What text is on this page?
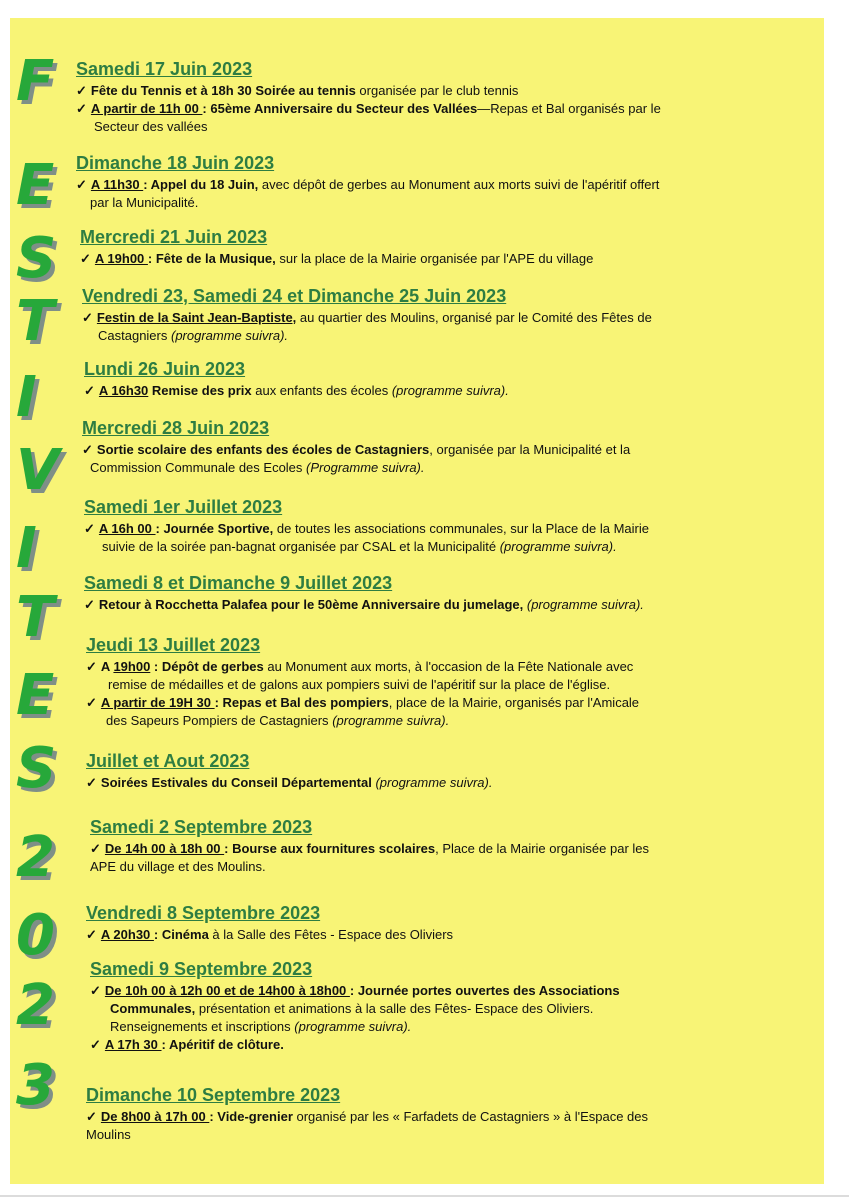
F
E
S
T
I
V
I
T
E
S
2
0
2
3
Samedi 17 Juin 2023
✓ Fête du Tennis et à 18h 30 Soirée au tennis organisée par le club tennis
✓ A partir de 11h 00 : 65ème Anniversaire du Secteur des Vallées—Repas et Bal organisés par le
Secteur des vallées
Dimanche 18 Juin 2023
✓ A 11h30 : Appel du 18 Juin, avec dépôt de gerbes au Monument aux morts suivi de l'apéritif offert
par la Municipalité.
Mercredi 21 Juin 2023
✓ A 19h00 : Fête de la Musique, sur la place de la Mairie organisée par l'APE du village
Vendredi 23, Samedi 24 et Dimanche 25 Juin 2023
✓ Festin de la Saint Jean-Baptiste, au quartier des Moulins, organisé par le Comité des Fêtes de
Castagniers (programme suivra).
Lundi 26 Juin 2023
✓ A 16h30 Remise des prix aux enfants des écoles (programme suivra).
Mercredi 28 Juin 2023
✓ Sortie scolaire des enfants des écoles de Castagniers, organisée par la Municipalité et la
Commission Communale des Ecoles (Programme suivra).
Samedi 1er Juillet 2023
✓ A 16h 00 : Journée Sportive, de toutes les associations communales, sur la Place de la Mairie
suivie de la soirée pan-bagnat organisée par CSAL et la Municipalité (programme suivra).
Samedi 8 et Dimanche 9 Juillet 2023
✓ Retour à Rocchetta Palafea pour le 50ème Anniversaire du jumelage, (programme suivra).
Jeudi 13 Juillet 2023
✓ A 19h00 : Dépôt de gerbes au Monument aux morts, à l'occasion de la Fête Nationale avec
remise de médailles et de galons aux pompiers suivi de l'apéritif sur la place de l'église.
✓ A partir de 19H 30 : Repas et Bal des pompiers, place de la Mairie, organisés par l'Amicale
des Sapeurs Pompiers de Castagniers (programme suivra).
Juillet et Aout 2023
✓ Soirées Estivales du Conseil Départemental (programme suivra).
Samedi 2 Septembre 2023
✓ De 14h 00 à 18h 00 : Bourse aux fournitures scolaires, Place de la Mairie organisée par les
APE du village et des Moulins.
Vendredi 8 Septembre 2023
✓ A 20h30 : Cinéma à la Salle des Fêtes - Espace des Oliviers
Samedi 9 Septembre 2023
✓ De 10h 00 à 12h 00 et de 14h00 à 18h00 : Journée portes ouvertes des Associations
Communales, présentation et animations à la salle des Fêtes- Espace des Oliviers.
Renseignements et inscriptions (programme suivra).
✓ A 17h 30 : Apéritif de clôture.
Dimanche 10 Septembre 2023
✓ De 8h00 à 17h 00 : Vide-grenier organisé par les « Farfadets de Castagniers » à l'Espace des
Moulins
